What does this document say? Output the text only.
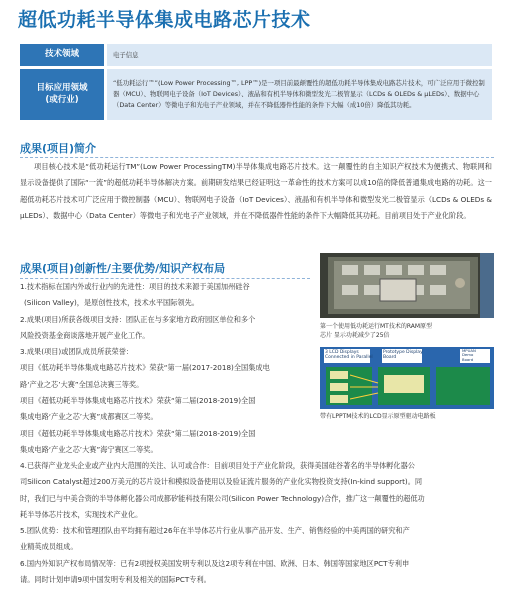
超低功耗半导体集成电路芯片技术
技术领域	电子信息
目标应用领域
(或行业)
“低功耗运行™”(Low Power Processing™, LPP™)是一项目前最颠覆性的超低功耗半导体集成电路芯片技术，可广泛应用于微控制器（MCU）、物联网电子设备（IoT Devices）、液晶和有机半导体和微型发光二极管显示（LCDs & OLEDs & μLEDs）、数据中心（Data Center）等微电子和光电子产业领域，并在不降低器件性能的条件下大幅（成10倍）降低其功耗。
成果(项目)简介
项目核心技术是“低功耗运行TM”(Low Power ProcessingTM)半导体集成电路芯片技术。这一颠覆性的自主知识产权技术为便携式、物联网和显示设备提供了国际“一流”的超低功耗半导体解决方案。前期研发结果已经证明这一革命性的技术方案可以成10倍的降低普通集成电路的功耗。这一超低功耗芯片技术可广泛应用于微控制器（MCU）、物联网电子设备（IoT Devices）、液晶和有机半导体和微型发光二极管显示（LCDs & OLEDs & μLEDs）、数据中心（Data Center）等微电子和光电子产业领域，并在不降低器件性能的条件下大幅降低其功耗。目前项目处于产业化阶段。
成果(项目)创新性/主要优势/知识产权布局
1.技术指标在国内外或行业内的先进性：项目的技术来源于美国加州硅谷
(Silicon Valley)，是原创性技术，技术水平国际领先。
2.成果(项目)所获各级项目支持：团队正在与多家地方政府园区单位和多个
风险投资基金商谈落地开展产业化工作。
3.成果(项目)或团队成员所获荣誉：
项目《低功耗半导体集成电路芯片技术》荣获“第一届(2017-2018)全国集成电
路‘产业之芯’大赛”全国总决赛三等奖。
项目《超低功耗半导体集成电路芯片技术》荣获“第二届(2018-2019)全国
集成电路‘产业之芯’大赛”成都赛区二等奖。
项目《超低功耗半导体集成电路芯片技术》荣获“第二届(2018-2019)全国
集成电路‘产业之芯’大赛”海宁赛区二等奖。
第一个使用低功耗运行MT技术的RAM原型
芯片 显示功耗减少了25倍
3 LCD Displays
Connected in Parallel
Prototype Display
Board
MPUAN
Demo
Board
带有LPPTM技术的LCD显示原型驱动电路板
4.已获得产业龙头企业或产业内大范围的关注、认可或合作：目前项目处于产业化阶段，获得美国硅谷著名的半导体孵化器公
司Silicon Catalyst超过200万美元的芯片设计和模拟设备使用以及验证流片服务的产业化实物投资支持(In-kind support)。同
时，我们已与中美合资的半导体孵化器公司成都矽能科技有限公司(Silicon Power Technology)合作，推广这一颠覆性的超低功
耗半导体芯片技术，实现技术产业化。
5.团队优势：技术和管理团队由平均拥有超过26年在半导体芯片行业从事产品开发、生产、销售经验的中美两国的研究和产
业精英成员组成。
6.国内外知识产权布局情况等：已有2项授权美国发明专利以及这2项专利在中国、欧洲、日本、韩国等国家地区PCT专利申
请。同时计划申请9项中国发明专利及相关的国际PCT专利。
